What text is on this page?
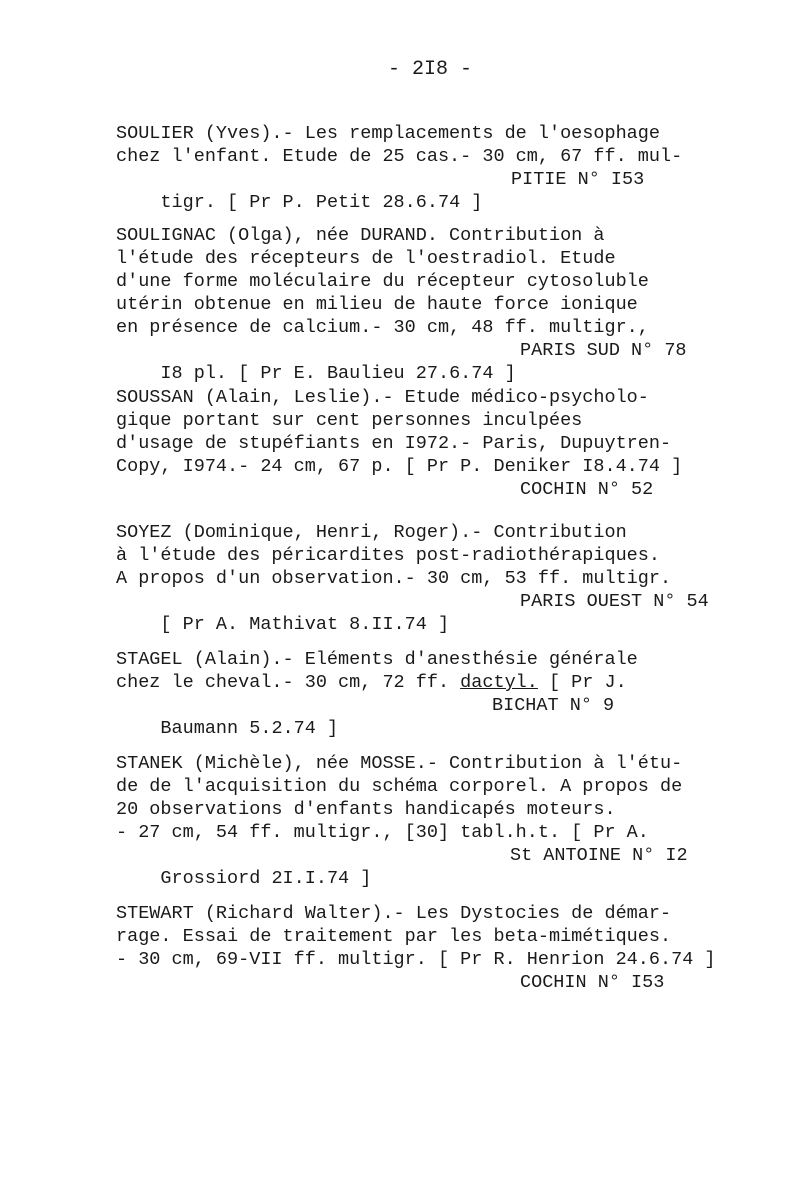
- 2I8 -
SOULIER (Yves).- Les remplacements de l'oesophage
chez l'enfant. Etude de 25 cas.- 30 cm, 67 ff. mul-

tigr. [ Pr P. Petit 28.6.74 ]

PITIE N° I53

SOULIGNAC (Olga), née DURAND. Contribution à
l'étude des récepteurs de l'oestradiol. Etude
d'une forme moléculaire du récepteur cytosoluble
utérin obtenue en milieu de haute force ionique
en présence de calcium.- 30 cm, 48 ff. multigr.,

I8 pl. [ Pr E. Baulieu 27.6.74 ]

PARIS SUD N° 78

SOUSSAN (Alain, Leslie).- Etude médico-psycholo-
gique portant sur cent personnes inculpées
d'usage de stupéfiants en I972.- Paris, Dupuytren-
Copy, I974.- 24 cm, 67 p. [ Pr P. Deniker I8.4.74 ]

COCHIN N° 52

SOYEZ (Dominique, Henri, Roger).- Contribution
à l'étude des péricardites post-radiothérapiques.
A propos d'un observation.- 30 cm, 53 ff. multigr.

[ Pr A. Mathivat 8.II.74 ]

PARIS OUEST N° 54

STAGEL (Alain).- Eléments d'anesthésie générale
chez le cheval.- 30 cm, 72 ff. dactyl. [ Pr J.

Baumann 5.2.74 ]

BICHAT N° 9

STANEK (Michèle), née MOSSE.- Contribution à l'étu-
de de l'acquisition du schéma corporel. A propos de
20 observations d'enfants handicapés moteurs.
- 27 cm, 54 ff. multigr., [30] tabl.h.t. [ Pr A.

Grossiord 2I.I.74 ]

St ANTOINE N° I2

STEWART (Richard Walter).- Les Dystocies de démar-
rage. Essai de traitement par les beta-mimétiques.
- 30 cm, 69-VII ff. multigr. [ Pr R. Henrion 24.6.74 ]

COCHIN N° I53
